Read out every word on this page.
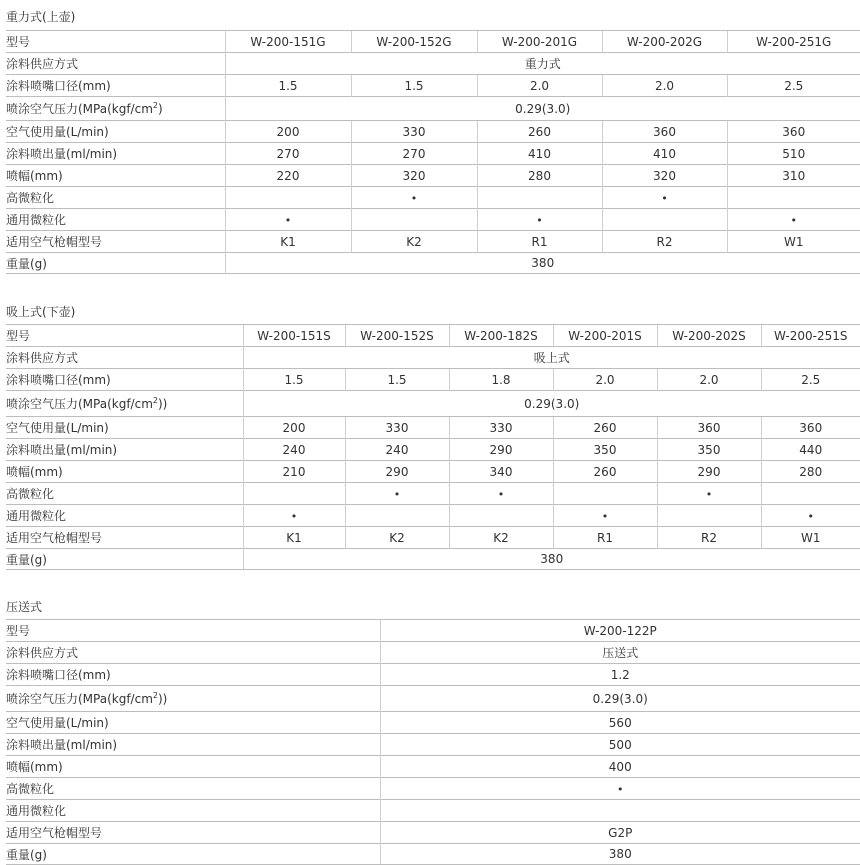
重力式(上壶)
型号	W-200-151G	W-200-152G	W-200-201G	W-200-202G	W-200-251G
涂料供应方式	重力式				
涂料喷嘴口径(mm)	1.5	1.5	2.0	2.0	2.5
喷涂空气压力($MPa(kgf/cm^2)$	0.29(3.0)				
空气使用量(L/min)	200	330	260	360	360
涂料喷出量(ml/min)	270	270	410	410	510
喷幅(mm)	220	320	280	320	310
高微粒化		•		•	
通用微粒化	•		•		•
适用空气枪帽型号	K1	K2	R1	R2	W1
重量(g)	380				
吸上式(下壶)
型号	W-200-151S	W-200-152S	W-200-182S	W-200-201S	W-200-202S	W-200-251S
涂料供应方式	吸上式					
涂料喷嘴口径(mm)	1.5	1.5	1.8	2.0	2.0	2.5
喷涂空气压力$(MPa(kgf/cm^2))$	0.29(3.0)					
空气使用量(L/min)	200	330	330	260	360	360
涂料喷出量(ml/min)	240	240	290	350	350	440
喷幅(mm)	210	290	340	260	290	280
高微粒化		•	•		•	
通用微粒化	•			•		•
适用空气枪帽型号	K1	K2	K2	R1	R2	W1
重量(g)	380					
压送式
型号	W-200-122P
涂料供应方式	压送式
涂料喷嘴口径(mm)	1.2
喷涂空气压力$(MPa(kgf/cm^2))$	0.29(3.0)
空气使用量(L/min)	560
涂料喷出量(ml/min)	500
喷幅(mm)	400
高微粒化	•
通用微粒化	
适用空气枪帽型号	G2P
重量(g)	380
